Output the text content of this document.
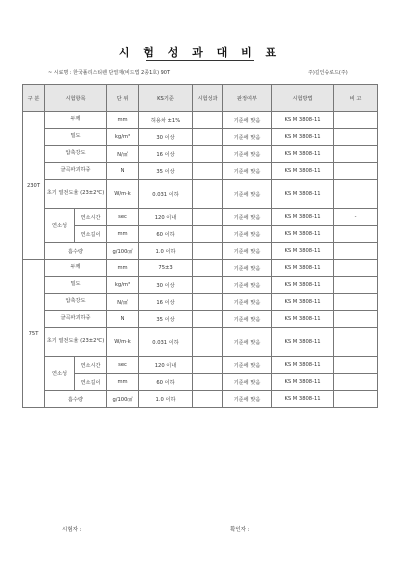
시 험 성 과 대 비 표
~ 시료명 : 한국폴리스티렌 단열재(비드법 2종1호) 90T	주)길인슈로드(주)
구 분	시험항목		단 위	KS기준	시험성과	판정여부	시험방법	비 고
230T	두께		mm	허용차 ±1%		기준에 맞음	KS M 3808-11	
	밀도		kg/m³	30 이상		기준에 맞음	KS M 3808-11	
	압축강도		N/㎠	16 이상		기준에 맞음	KS M 3808-11	
	굴곡파괴하중		N	35 이상		기준에 맞음	KS M 3808-11	
	초기 열전도율 (23±2℃)		W/m·k	0.031 이하		기준에 맞음	KS M 3808-11	
	연소성	연소시간	sec	120 이내		기준에 맞음	KS M 3808-11	-
		연소길이	mm	60 이하		기준에 맞음	KS M 3808-11	
	흡수량		g/100㎠	1.0 이하		기준에 맞음	KS M 3808-11	
75T	두께		mm	75±3		기준에 맞음	KS M 3808-11	
	밀도		kg/m³	30 이상		기준에 맞음	KS M 3808-11	
	압축강도		N/㎠	16 이상		기준에 맞음	KS M 3808-11	
	굴곡파괴하중		N	35 이상		기준에 맞음	KS M 3808-11	
	초기 열전도율 (23±2℃)		W/m·k	0.031 이하		기준에 맞음	KS M 3808-11	
	연소성	연소시간	sec	120 이내		기준에 맞음	KS M 3808-11	
		연소길이	mm	60 이하		기준에 맞음	KS M 3808-11	
	흡수량		g/100㎠	1.0 이하		기준에 맞음	KS M 3808-11	
시험자 :	확인자 :
